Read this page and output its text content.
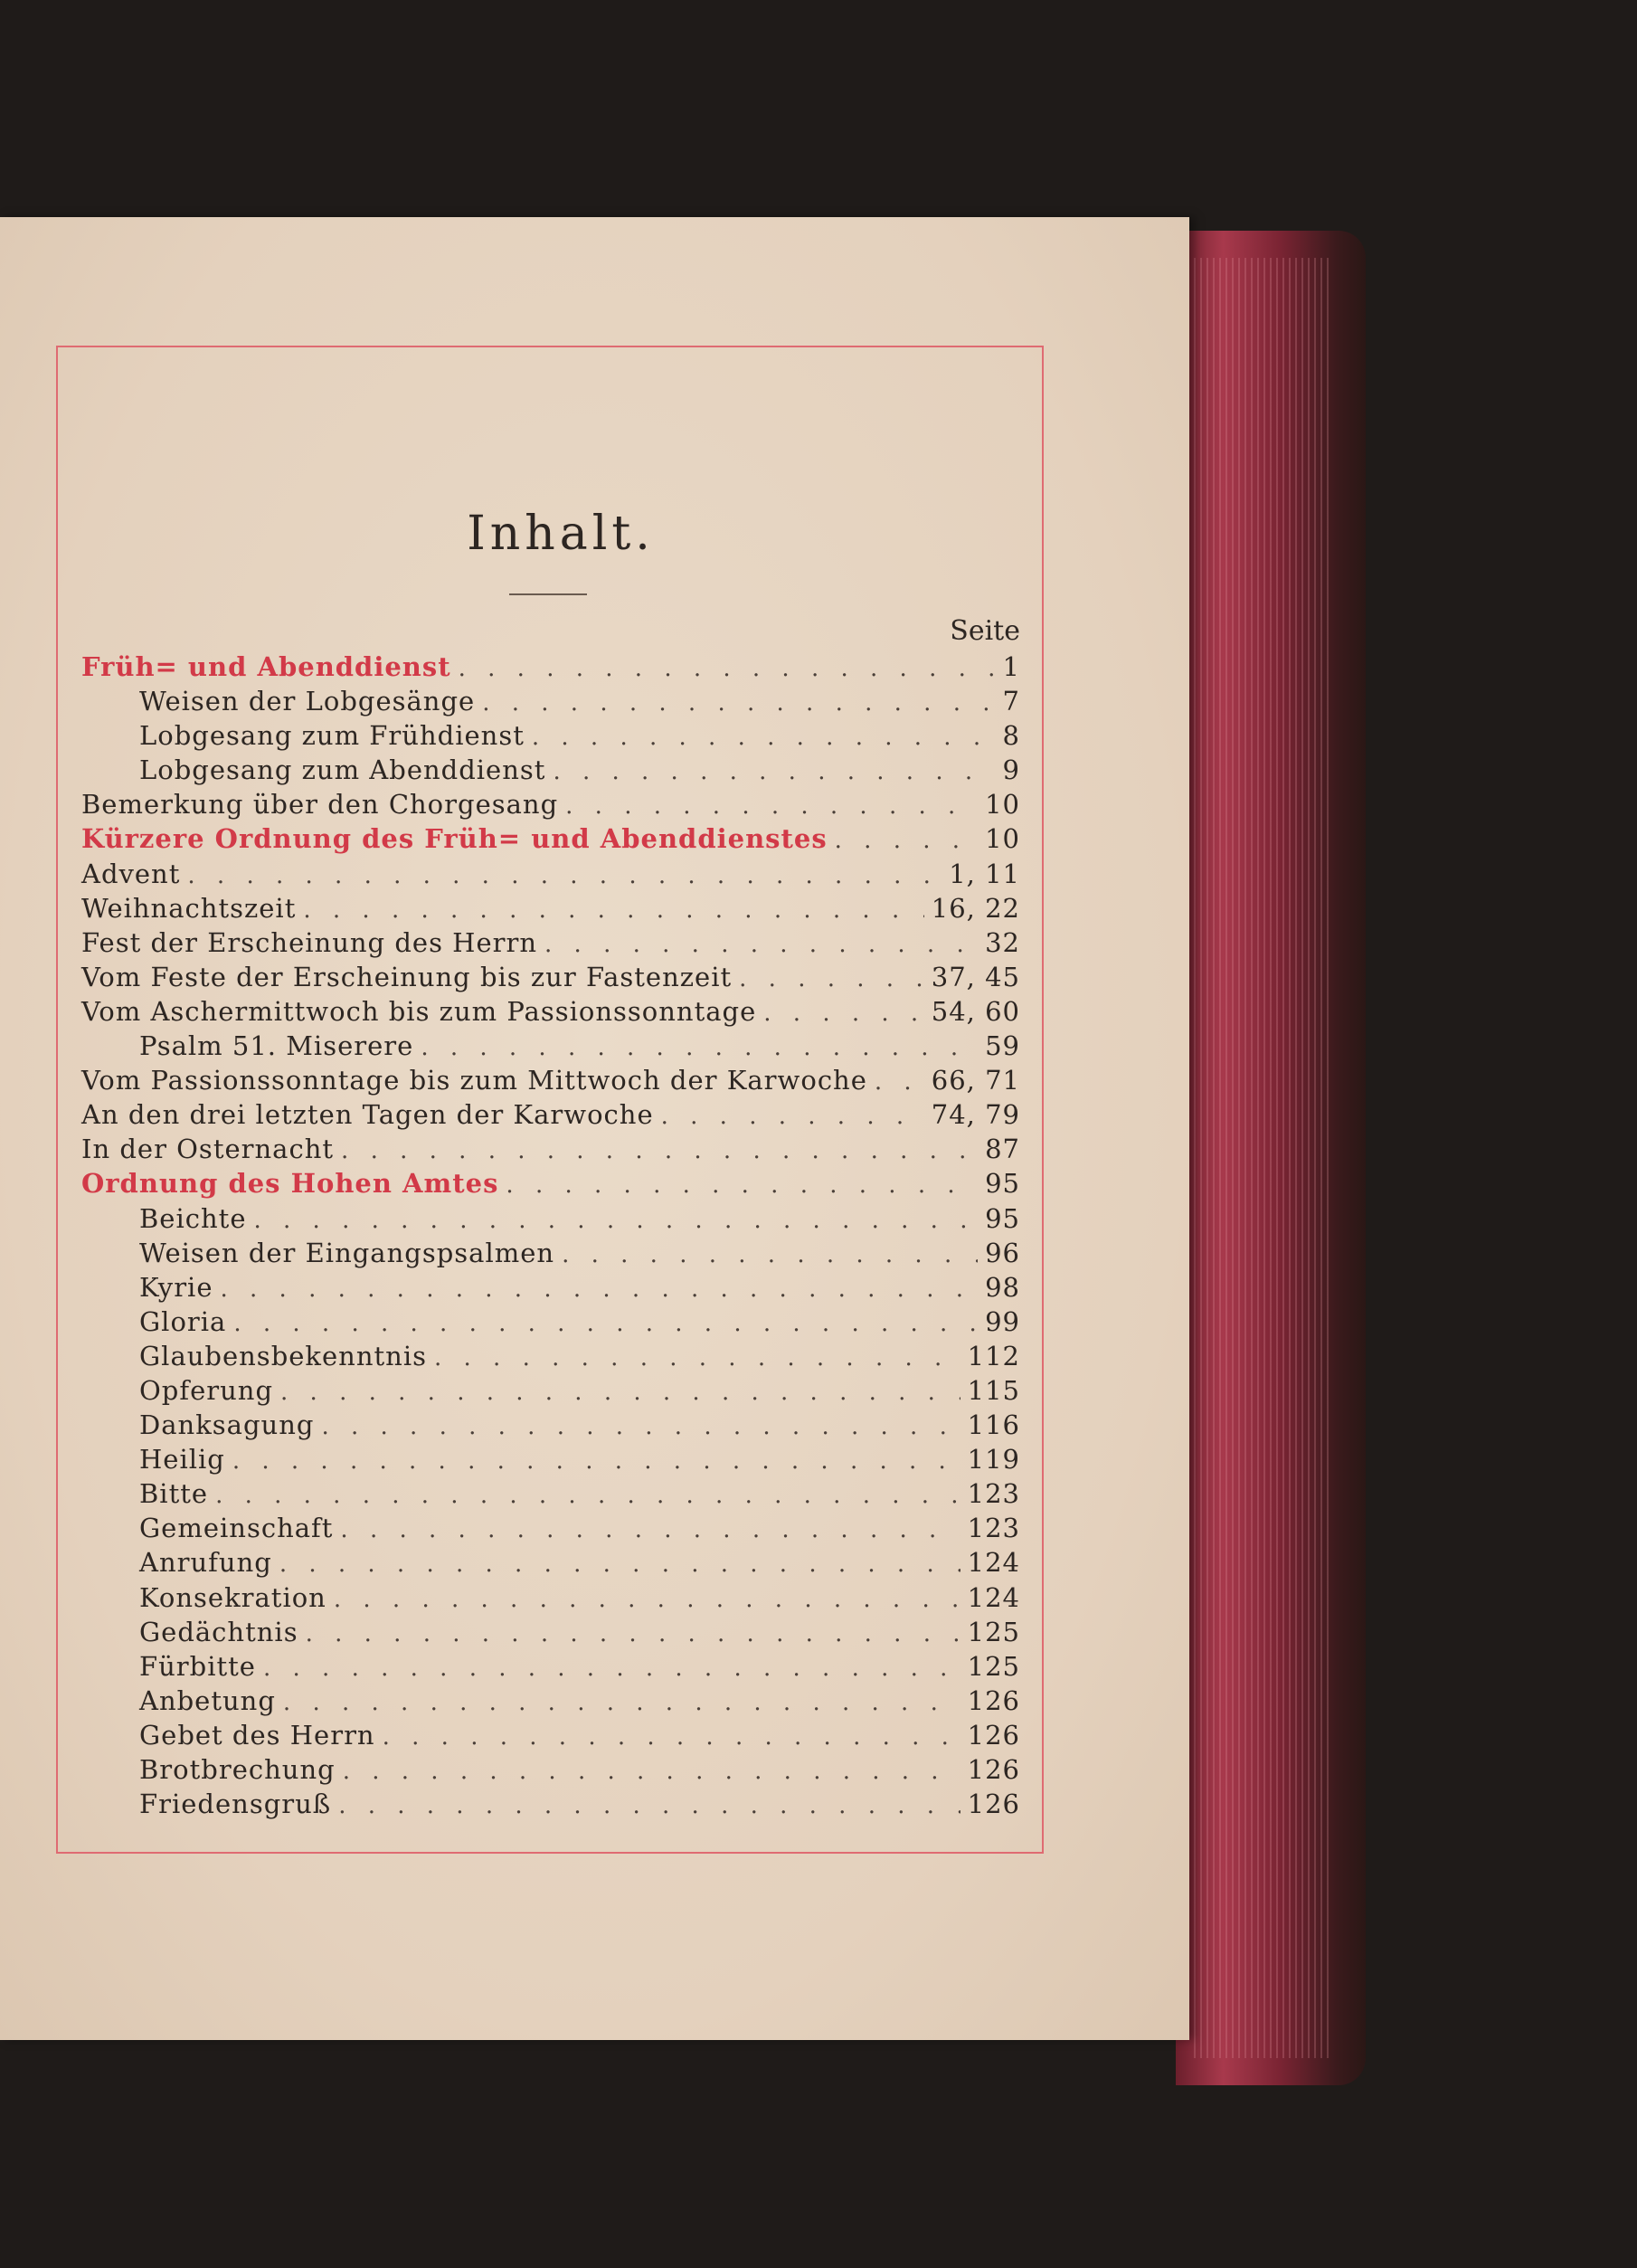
Inhalt.
Seite
Früh= und Abenddienst . . .	1
Weisen der Lobgesänge . . .	7
Lobgesang zum Frühdienst . . .	8
Lobgesang zum Abenddienst . . .	9
Bemerkung über den Chorgesang . . .	10
Kürzere Ordnung des Früh= und Abenddienstes . . .	10
Advent . . .	1, 11
Weihnachtszeit . . .	16, 22
Fest der Erscheinung des Herrn . . .	32
Vom Feste der Erscheinung bis zur Fastenzeit . . .	37, 45
Vom Aschermittwoch bis zum Passionssonntage . . .	54, 60
Psalm 51. Miserere . . .	59
Vom Passionssonntage bis zum Mittwoch der Karwoche . . . 66, 71
An den drei letzten Tagen der Karwoche . . .	74, 79
In der Osternacht . . .	87
Ordnung des Hohen Amtes . . .	95
Beichte . . .	95
Weisen der Eingangspsalmen . . .	96
Kyrie . . .	98
Gloria . . .	99
Glaubensbekenntnis . . .	112
Opferung . . .	115
Danksagung . . .	116
Heilig . . .	119
Bitte . . .	123
Gemeinschaft . . .	123
Anrufung . . .	124
Konsekration . . .	124
Gedächtnis . . .	125
Fürbitte . . .	125
Anbetung . . .	126
Gebet des Herrn . . .	126
Brotbrechung . . .	126
Friedensgruß . . .	126
